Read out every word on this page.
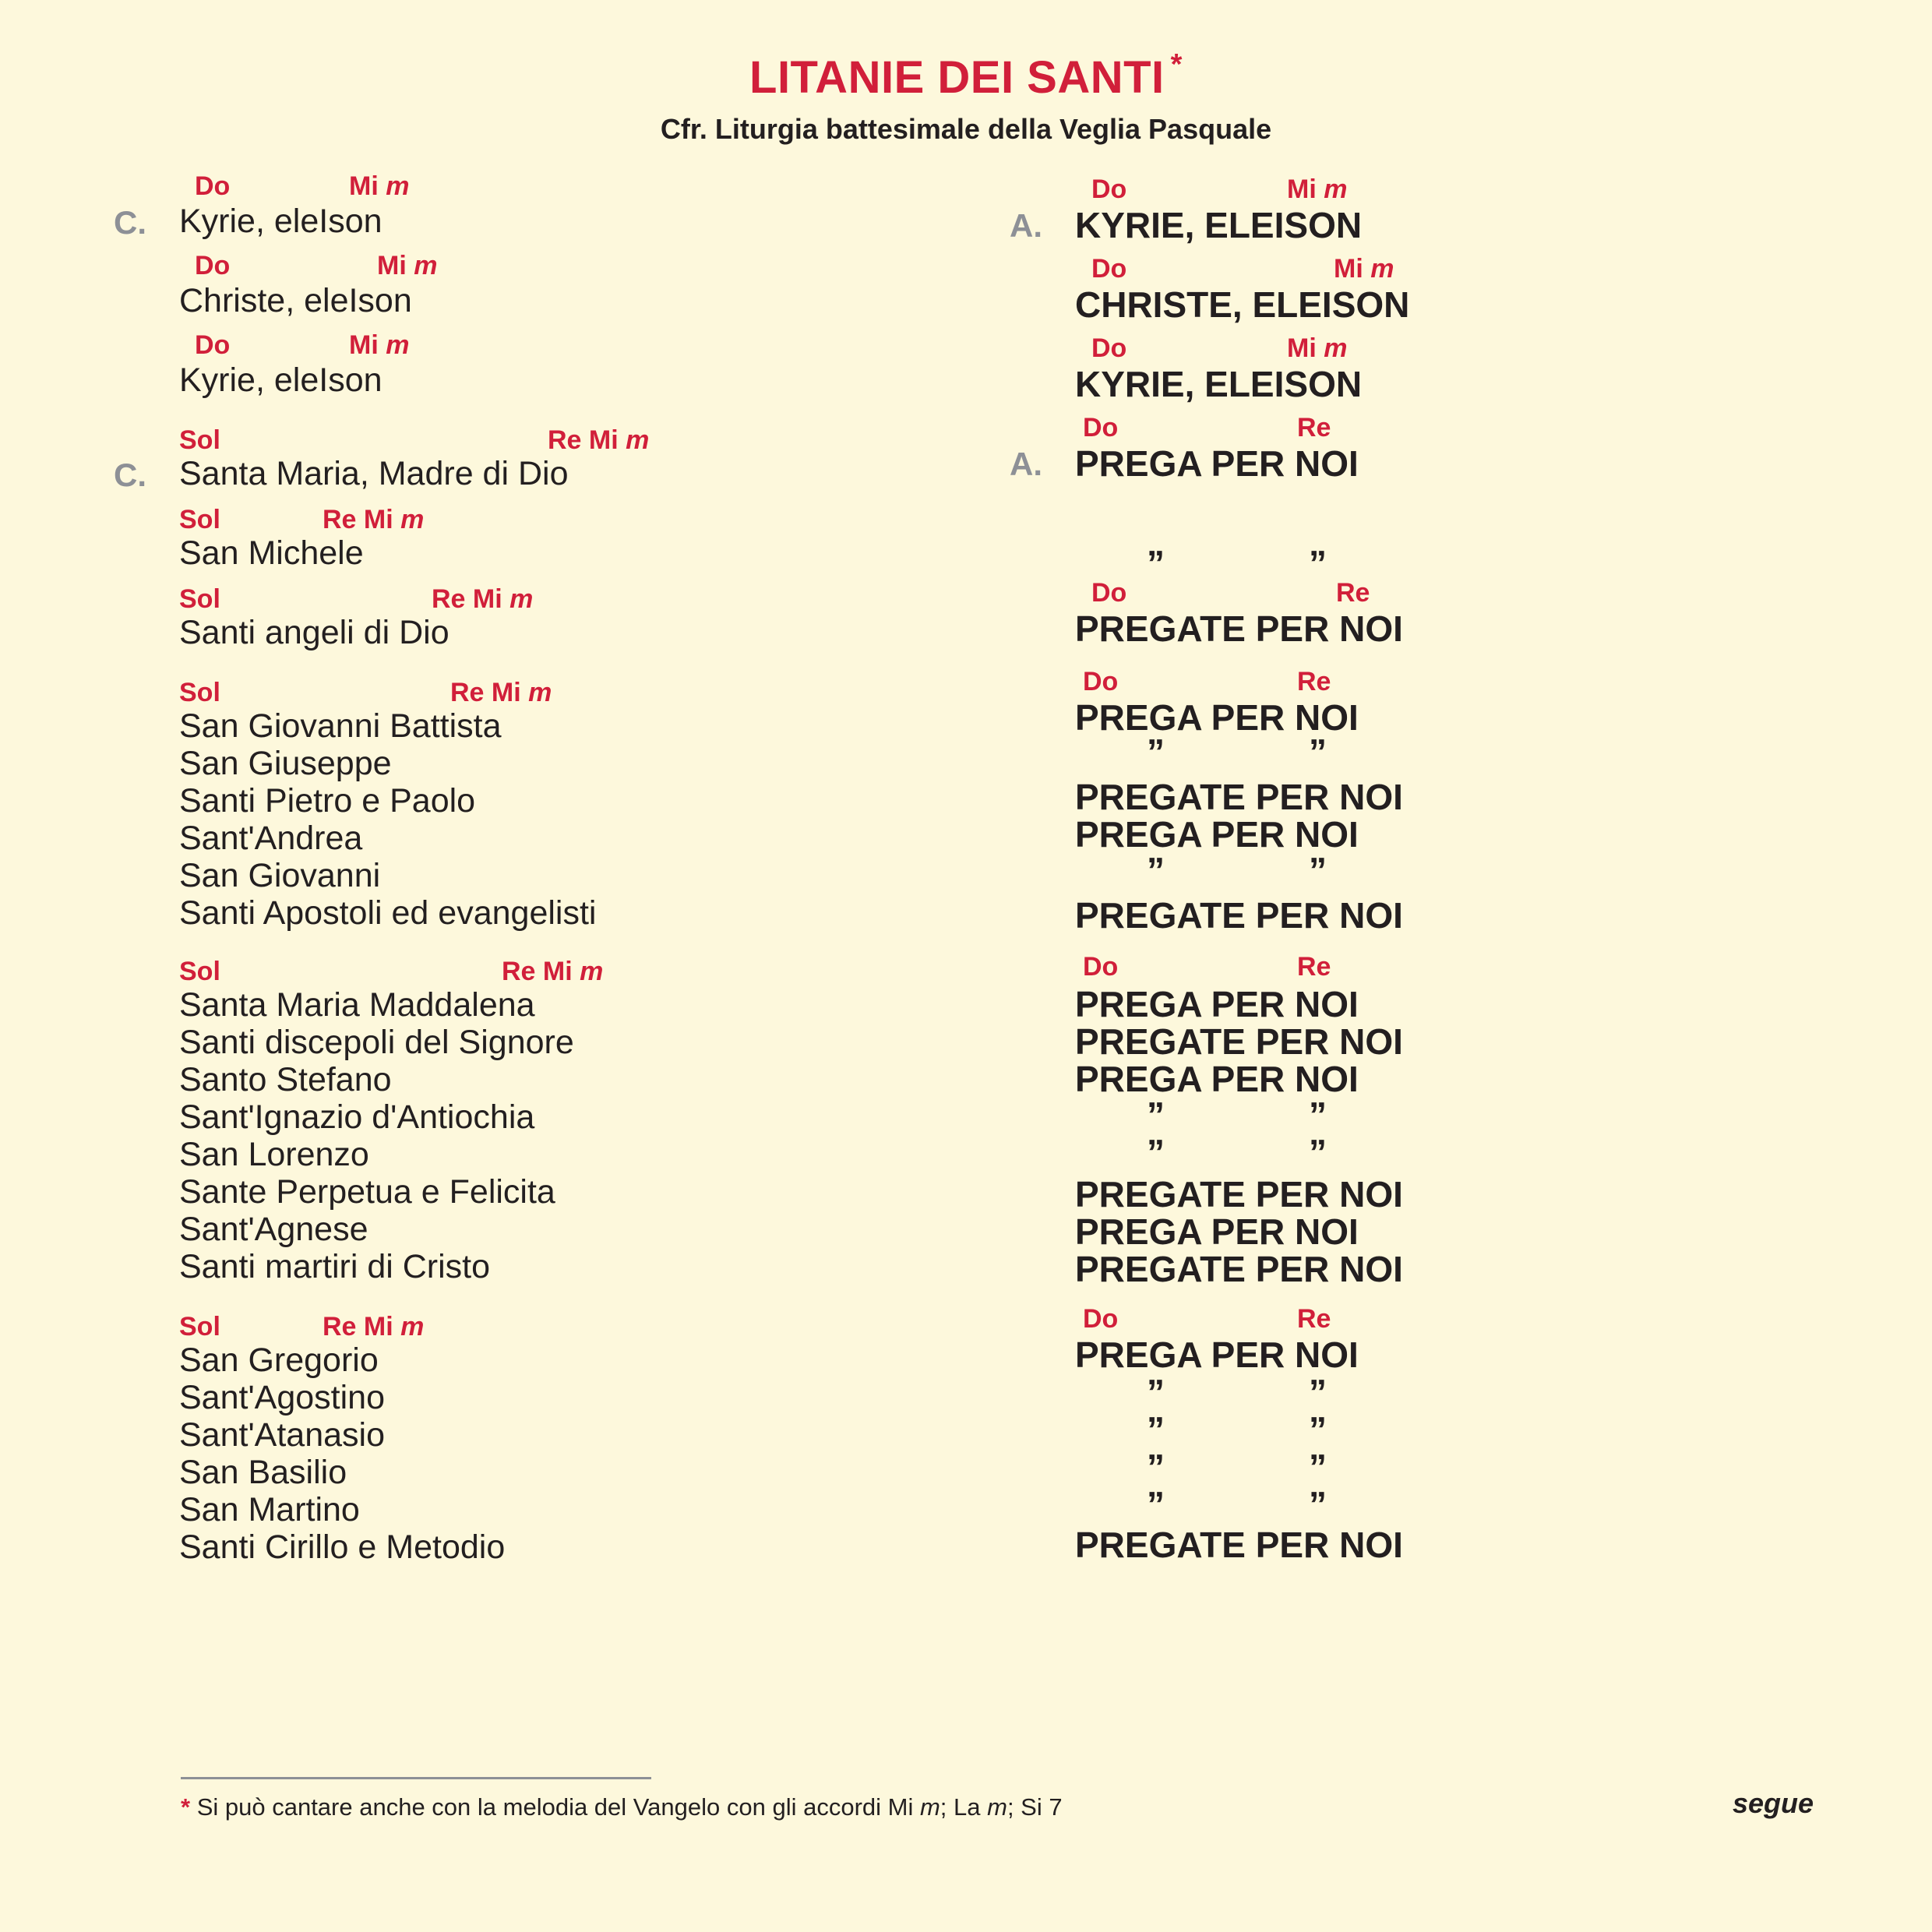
LITANIE DEI SANTI *
Cfr. Liturgia battesimale della Veglia Pasquale
Do	Mi m
C. Kyrie, eleIson
Do	Mi m
Christe, eleIson
Do	Mi m
Kyrie, eleIson
Sol	Re Mi m
C. Santa Maria, Madre di Dio
Sol	Re Mi m
San Michele
Sol	Re Mi m
Santi angeli di Dio
Sol	Re Mi m
San Giovanni Battista
San Giuseppe
Santi Pietro e Paolo
Sant'Andrea
San Giovanni
Santi Apostoli ed evangelisti
Sol	Re Mi m
Santa Maria Maddalena
Santi discepoli del Signore
Santo Stefano
Sant'Ignazio d'Antiochia
San Lorenzo
Sante Perpetua e Felicita
Sant'Agnese
Santi martiri di Cristo
Sol	Re Mi m
San Gregorio
Sant'Agostino
Sant'Atanasio
San Basilio
San Martino
Santi Cirillo e Metodio
Do	Mi m
A. KYRIE, ELEISON
Do	Mi m
CHRISTE, ELEISON
Do	Mi m
KYRIE, ELEISON
Do	Re
A. PREGA PER NOI
”	”
Do	Re
PREGATE PER NOI
Do	Re
PREGA PER NOI
”	”
PREGATE PER NOI
PREGA PER NOI
”	”
PREGATE PER NOI
Do	Re
PREGA PER NOI
PREGATE PER NOI
PREGA PER NOI
”	”
”	”
PREGATE PER NOI
PREGA PER NOI
PREGATE PER NOI
Do	Re
PREGA PER NOI
”	”
”	”
”	”
”	”
PREGATE PER NOI
* Si può cantare anche con la melodia del Vangelo con gli accordi Mi m; La m; Si 7	segue
